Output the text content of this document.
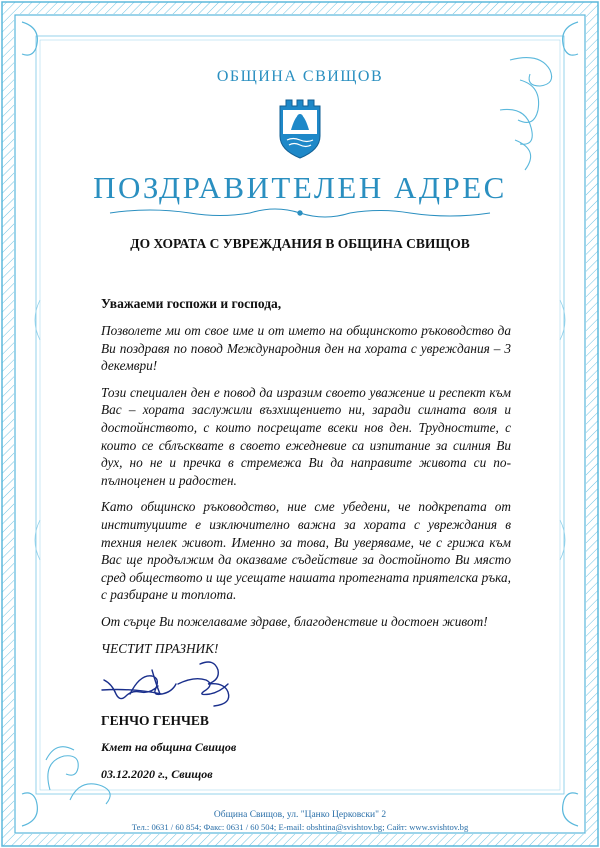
ОБЩИНА СВИЩОВ
ПОЗДРАВИТЕЛЕН АДРЕС
ДО ХОРАТА С УВРЕЖДАНИЯ В ОБЩИНА СВИЩОВ
Уважаеми госпожи и господа,

Позволете ми от свое име и от името на общинското ръководство да Ви поздравя по повод Международния ден на хората с увреждания – 3 декември!

Този специален ден е повод да изразим своето уважение и респект към Вас – хората заслужили възхищението ни, заради силната воля и достойнството, с които посрещате всеки нов ден. Трудностите, с които се сблъсквате в своето ежедневие са изпитание за силния Ви дух, но не и пречка в стремежа Ви да направите живота си по-пълноценен и радостен.

Като общинско ръководство, ние сме убедени, че подкрепата от институциите е изключително важна за хората с увреждания в техния нелек живот. Именно за това, Ви уверяваме, че с грижа към Вас ще продължим да оказваме съдействие за достойното Ви място сред обществото и ще усещате нашата протегната приятелска ръка, с разбиране и топлота.

От сърце Ви пожелаваме здраве, благоденствие и достоен живот!

ЧЕСТИТ ПРАЗНИК!

ГЕНЧО ГЕНЧЕВ
Кмет на община Свищов
03.12.2020 г., Свищов
Община Свищов, ул. "Цанко Церковски" 2
Тел.: 0631 / 60 854; Факс: 0631 / 60 504; E-mail: obshtina@svishtov.bg; Сайт: www.svishtov.bg
